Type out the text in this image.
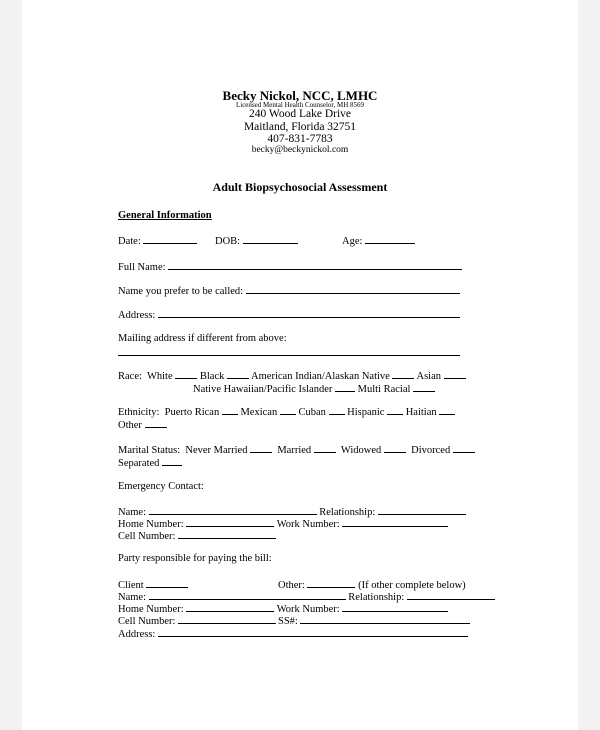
Becky Nickol, NCC, LMHC
Licensed Mental Health Counselor, MH 8569
240 Wood Lake Drive
Maitland, Florida 32751
407-831-7783
becky@beckynickol.com
Adult Biopsychosocial Assessment
General Information
Date:	DOB:	Age:
Full Name:
Name you prefer to be called:
Address:
Mailing address if different from above:
Race: White	Black	American Indian/Alaskan Native	Asian
Native Hawaiian/Pacific Islander Multi Racial
Ethnicity: Puerto Rican Mexican Cuban Hispanic Haitian
Other
Marital Status: Never Married	Married	Widowed	Divorced
Separated
Emergency Contact:
Name:	Relationship:
Home Number:	Work Number:
Cell Number:
Party responsible for paying the bill:
Client	Other:	(If other complete below)
Name:	Relationship:
Home Number:	Work Number:
Cell Number:	SS#:
Address:
